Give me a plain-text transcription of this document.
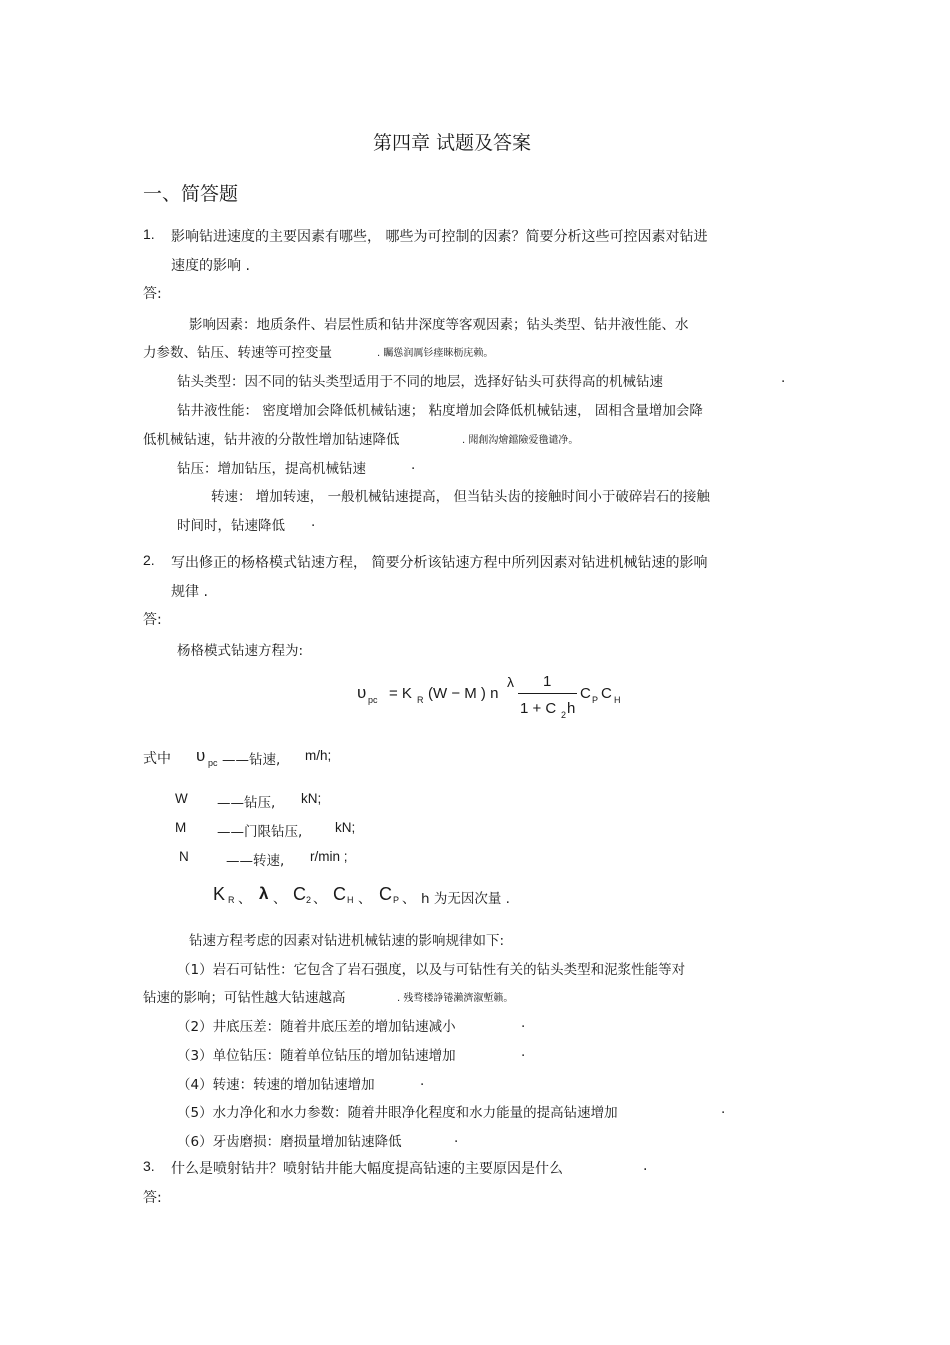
第四章 试题及答案
一、简答题
1. 影响钻进速度的主要因素有哪些， 哪些为可控制的因素？简要分析这些可控因素对钻进
速度的影响 .
答:
影响因素：地质条件、岩层性质和钻井深度等客观因素；钻头类型、钻井液性能、水
力参数、钻压、转速等可控变量	. 矚慫润厲钐瘗睞枥庑赖。
钻头类型：因不同的钻头类型适用于不同的地层，选择好钻头可获得高的机械钻速	.
钻井液性能： 密度增加会降低机械钻速； 粘度增加会降低机械钻速， 固相含量增加会降
低机械钻速，钻井液的分散性增加钻速降低	. 聞創沟燴鐺險爱氇谴净。
钻压：增加钻压，提高机械钻速	.
转速： 增加转速， 一般机械钻速提高， 但当钻头齿的接触时间小于破碎岩石的接触
时间时，钻速降低 .
2. 写出修正的杨格模式钻速方程， 简要分析该钻速方程中所列因素对钻进机械钻速的影响
规律 .
答:
杨格模式钻速方程为:
υ pc = K R (W − M ) n
λ 1
1 + C 2 h
C P C H
式中 υ pc ——钻速, m/h;
W ——钻压, kN;
M ——门限钻压, kN;
N	——转速, r/min ;
K R 、 λ 、 C 2 、 C H 、 C P 、 h 为无因次量 .
钻速方程考虑的因素对钻进机械钻速的影响规律如下:
（1）岩石可钻性：它包含了岩石强度，以及与可钻性有关的钻头类型和泥浆性能等对
钻速的影响；可钻性越大钻速越高	. 残骛楼諍锩瀨濟溆塹籟。
（2）井底压差：随着井底压差的增加钻速减小	.
（3）单位钻压：随着单位钻压的增加钻速增加	.
（4）转速：转速的增加钻速增加	.
（5）水力净化和水力参数：随着井眼净化程度和水力能量的提高钻速增加	.
（6）牙齿磨损：磨损量增加钻速降低	.
3. 什么是喷射钻井？喷射钻井能大幅度提高钻速的主要原因是什么	.
答:
